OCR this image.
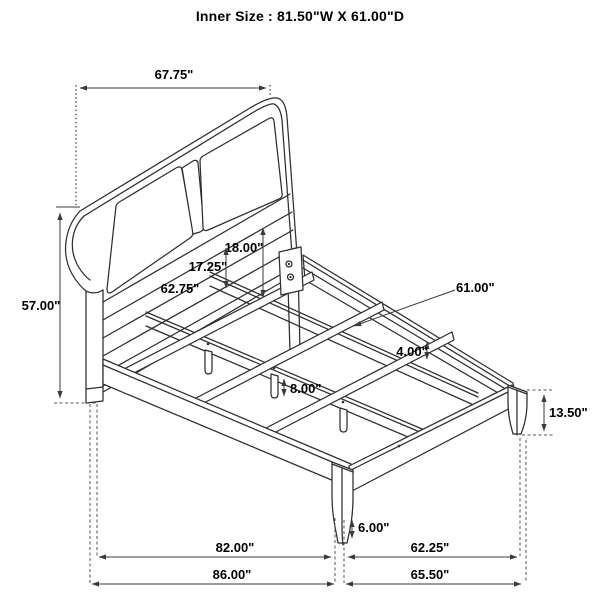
Inner Size : 81.50"W X 61.00"D
67.75"
57.00"
18.00"
17.25"
62.75"	61.00"
4.00"
8.00"
13.50"
6.00"
82.00"	62.25"
86.00"	65.50"
